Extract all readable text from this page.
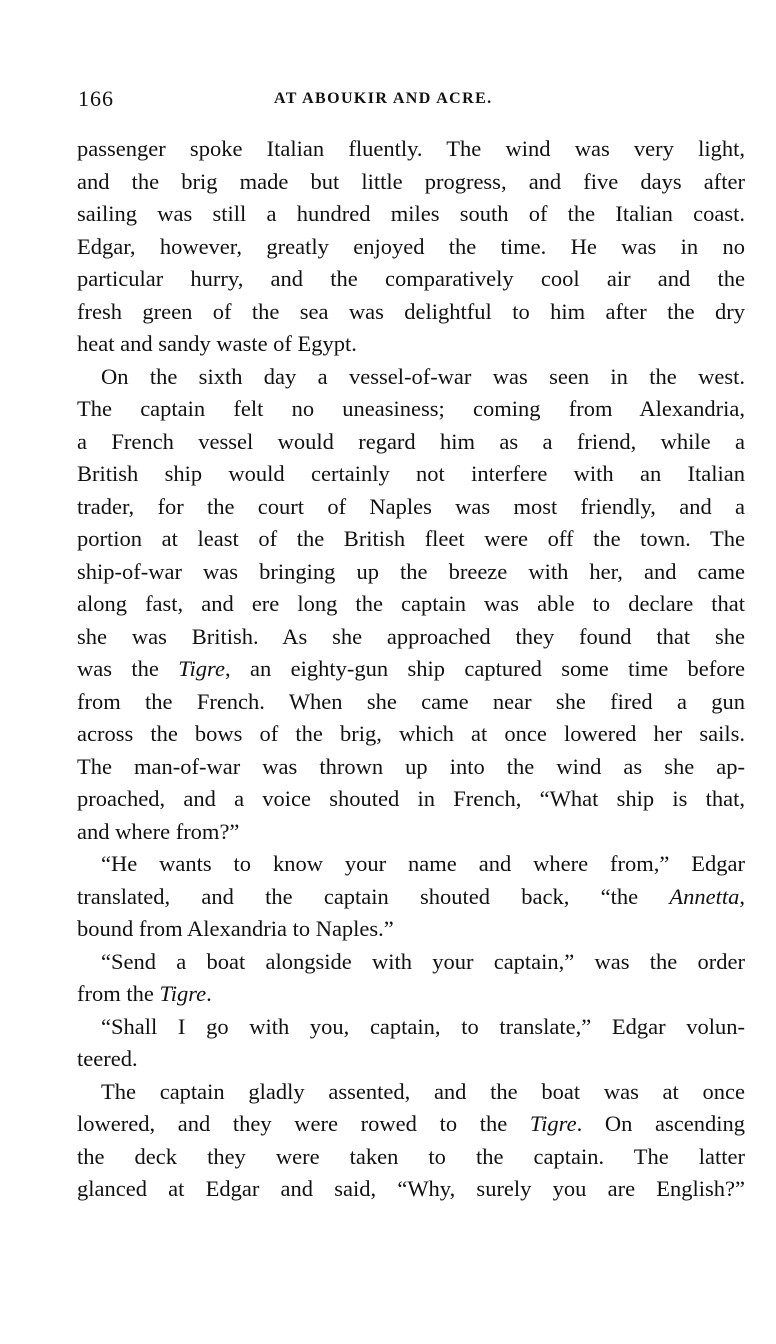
166	AT ABOUKIR AND ACRE.
passenger spoke Italian fluently. The wind was very light,
and the brig made but little progress, and five days after
sailing was still a hundred miles south of the Italian coast.
Edgar, however, greatly enjoyed the time. He was in no
particular hurry, and the comparatively cool air and the
fresh green of the sea was delightful to him after the dry
heat and sandy waste of Egypt.
On the sixth day a vessel-of-war was seen in the west.
The captain felt no uneasiness; coming from Alexandria,
a French vessel would regard him as a friend, while a
British ship would certainly not interfere with an Italian
trader, for the court of Naples was most friendly, and a
portion at least of the British fleet were off the town. The
ship-of-war was bringing up the breeze with her, and came
along fast, and ere long the captain was able to declare that
she was British. As she approached they found that she
was the Tigre, an eighty-gun ship captured some time before
from the French. When she came near she fired a gun
across the bows of the brig, which at once lowered her sails.
The man-of-war was thrown up into the wind as she ap-
proached, and a voice shouted in French, “What ship is that,
and where from?”
“He wants to know your name and where from,” Edgar
translated, and the captain shouted back, “the Annetta,
bound from Alexandria to Naples.”
“Send a boat alongside with your captain,” was the order
from the Tigre.
“Shall I go with you, captain, to translate,” Edgar volun-
teered.
The captain gladly assented, and the boat was at once
lowered, and they were rowed to the Tigre. On ascending
the deck they were taken to the captain. The latter
glanced at Edgar and said, “Why, surely you are English?”
